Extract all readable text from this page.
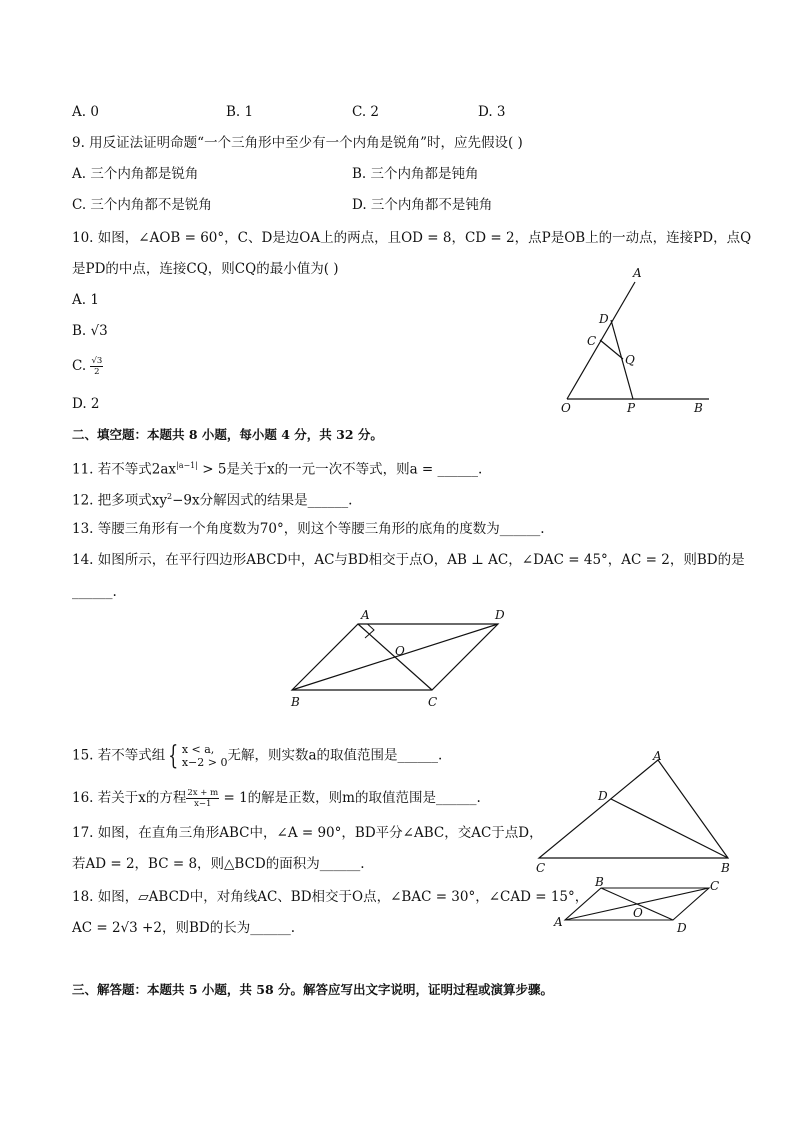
A. 0	B. 1	C. 2	D. 3
9. 用反证法证明命题“一个三角形中至少有一个内角是锐角”时，应先假设( )
A. 三个内角都是锐角	B. 三个内角都是钝角
C. 三个内角都不是锐角	D. 三个内角都不是钝角
10. 如图，∠AOB = 60°，C、D是边OA上的两点，且OD = 8，CD = 2，点P是OB上的一动点，连接PD，点Q
是PD的中点，连接CQ，则CQ的最小值为( )
A. 1
B. √3
C. $\frac{√3}{2}$
D. 2
A
D
C
Q
O	P	B
二、填空题：本题共 8 小题，每小题 4 分，共 32 分。
11. 若不等式$2ax^{|a-1|} > 5$是关于x的一元一次不等式，则a = ______.
12. 把多项式$xy^2-9x$分解因式的结果是______.
13. 等腰三角形有一个角度数为70°，则这个等腰三角形的底角的度数为______.
14. 如图所示，在平行四边形ABCD中，AC与BD相交于点O，AB ⊥ AC，∠DAC = 45°，AC = 2，则BD的是
______.
A	D
O
B	C
15. 若不等式组 { x < a,
x−2 > 0 无解，则实数a的取值范围是______.
16. 若关于x的方程 $\frac{2x + m}{x-1} = 1$的解是正数，则m的取值范围是______.
17. 如图，在直角三角形ABC中，∠A = 90°，BD平分∠ABC，交AC于点D，
若AD = 2，BC = 8，则△BCD的面积为______.
A
D
C	B
18. 如图，▱ABCD中，对角线AC、BD相交于O点，∠BAC = 30°，∠CAD = 15°，
AC = 2√3 +2，则BD的长为______.
B	C
O
A	D
三、解答题：本题共 5 小题，共 58 分。解答应写出文字说明，证明过程或演算步骤。
